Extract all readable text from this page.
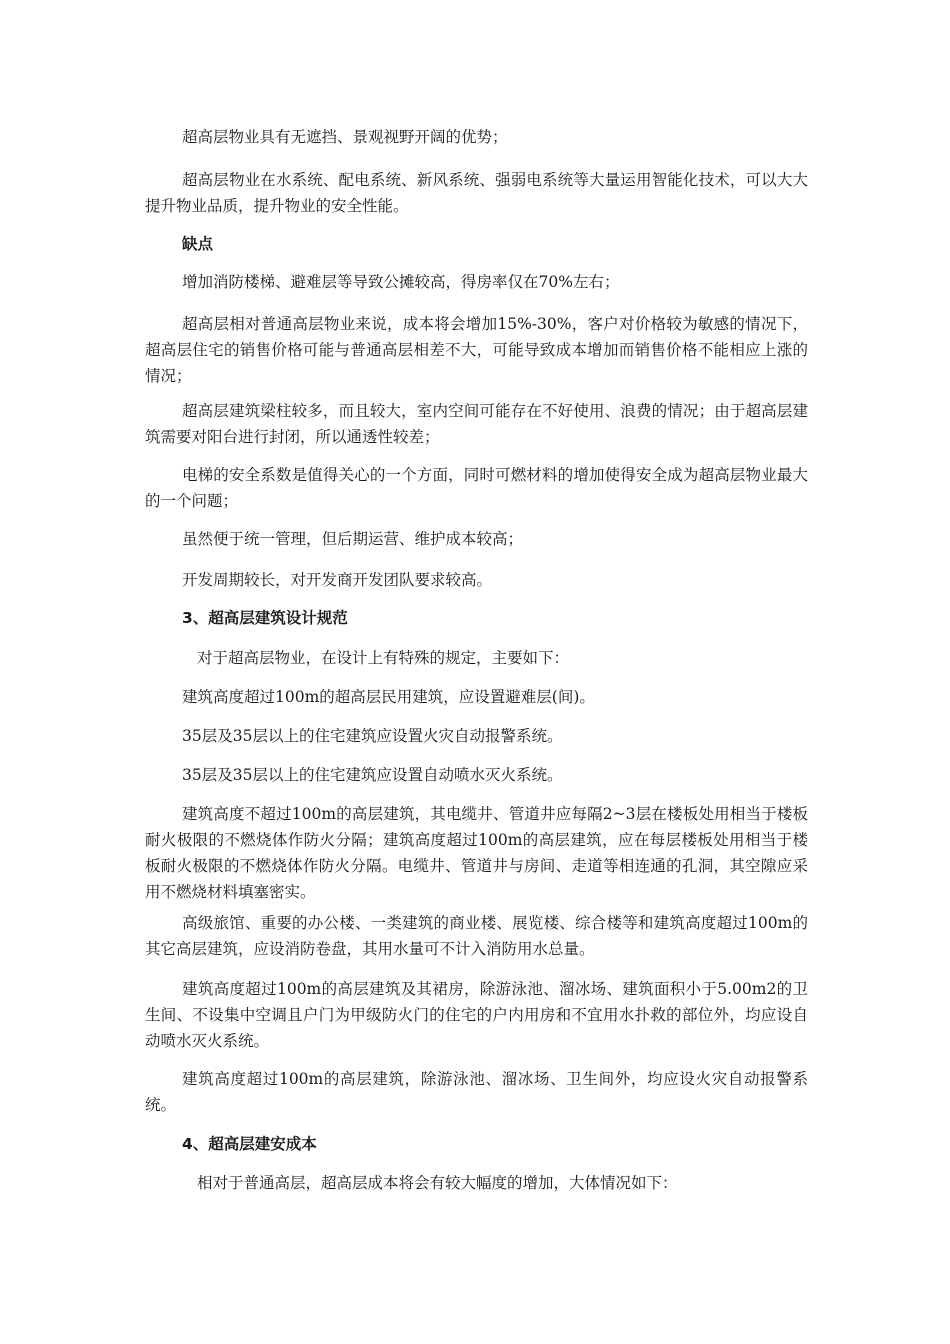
超高层物业具有无遮挡、景观视野开阔的优势；

超高层物业在水系统、配电系统、新风系统、强弱电系统等大量运用智能化技术，可以大大提升物业品质，提升物业的安全性能。

缺点

增加消防楼梯、避难层等导致公摊较高，得房率仅在70%左右；

超高层相对普通高层物业来说，成本将会增加15%-30%，客户对价格较为敏感的情况下，超高层住宅的销售价格可能与普通高层相差不大，可能导致成本增加而销售价格不能相应上涨的情况；

超高层建筑梁柱较多，而且较大，室内空间可能存在不好使用、浪费的情况；由于超高层建筑需要对阳台进行封闭，所以通透性较差；

电梯的安全系数是值得关心的一个方面，同时可燃材料的增加使得安全成为超高层物业最大的一个问题；

虽然便于统一管理，但后期运营、维护成本较高；

开发周期较长，对开发商开发团队要求较高。

3、超高层建筑设计规范

对于超高层物业，在设计上有特殊的规定，主要如下：

建筑高度超过100m的超高层民用建筑，应设置避难层(间)。

35层及35层以上的住宅建筑应设置火灾自动报警系统。

35层及35层以上的住宅建筑应设置自动喷水灭火系统。

建筑高度不超过100m的高层建筑，其电缆井、管道井应每隔2~3层在楼板处用相当于楼板耐火极限的不燃烧体作防火分隔；建筑高度超过100m的高层建筑，应在每层楼板处用相当于楼板耐火极限的不燃烧体作防火分隔。电缆井、管道井与房间、走道等相连通的孔洞，其空隙应采用不燃烧材料填塞密实。

高级旅馆、重要的办公楼、一类建筑的商业楼、展览楼、综合楼等和建筑高度超过100m的其它高层建筑，应设消防卷盘，其用水量可不计入消防用水总量。

建筑高度超过100m的高层建筑及其裙房，除游泳池、溜冰场、建筑面积小于5.00m2的卫生间、不设集中空调且户门为甲级防火门的住宅的户内用房和不宜用水扑救的部位外，均应设自动喷水灭火系统。

建筑高度超过100m的高层建筑，除游泳池、溜冰场、卫生间外，均应设火灾自动报警系统。

4、超高层建安成本

相对于普通高层，超高层成本将会有较大幅度的增加，大体情况如下：
